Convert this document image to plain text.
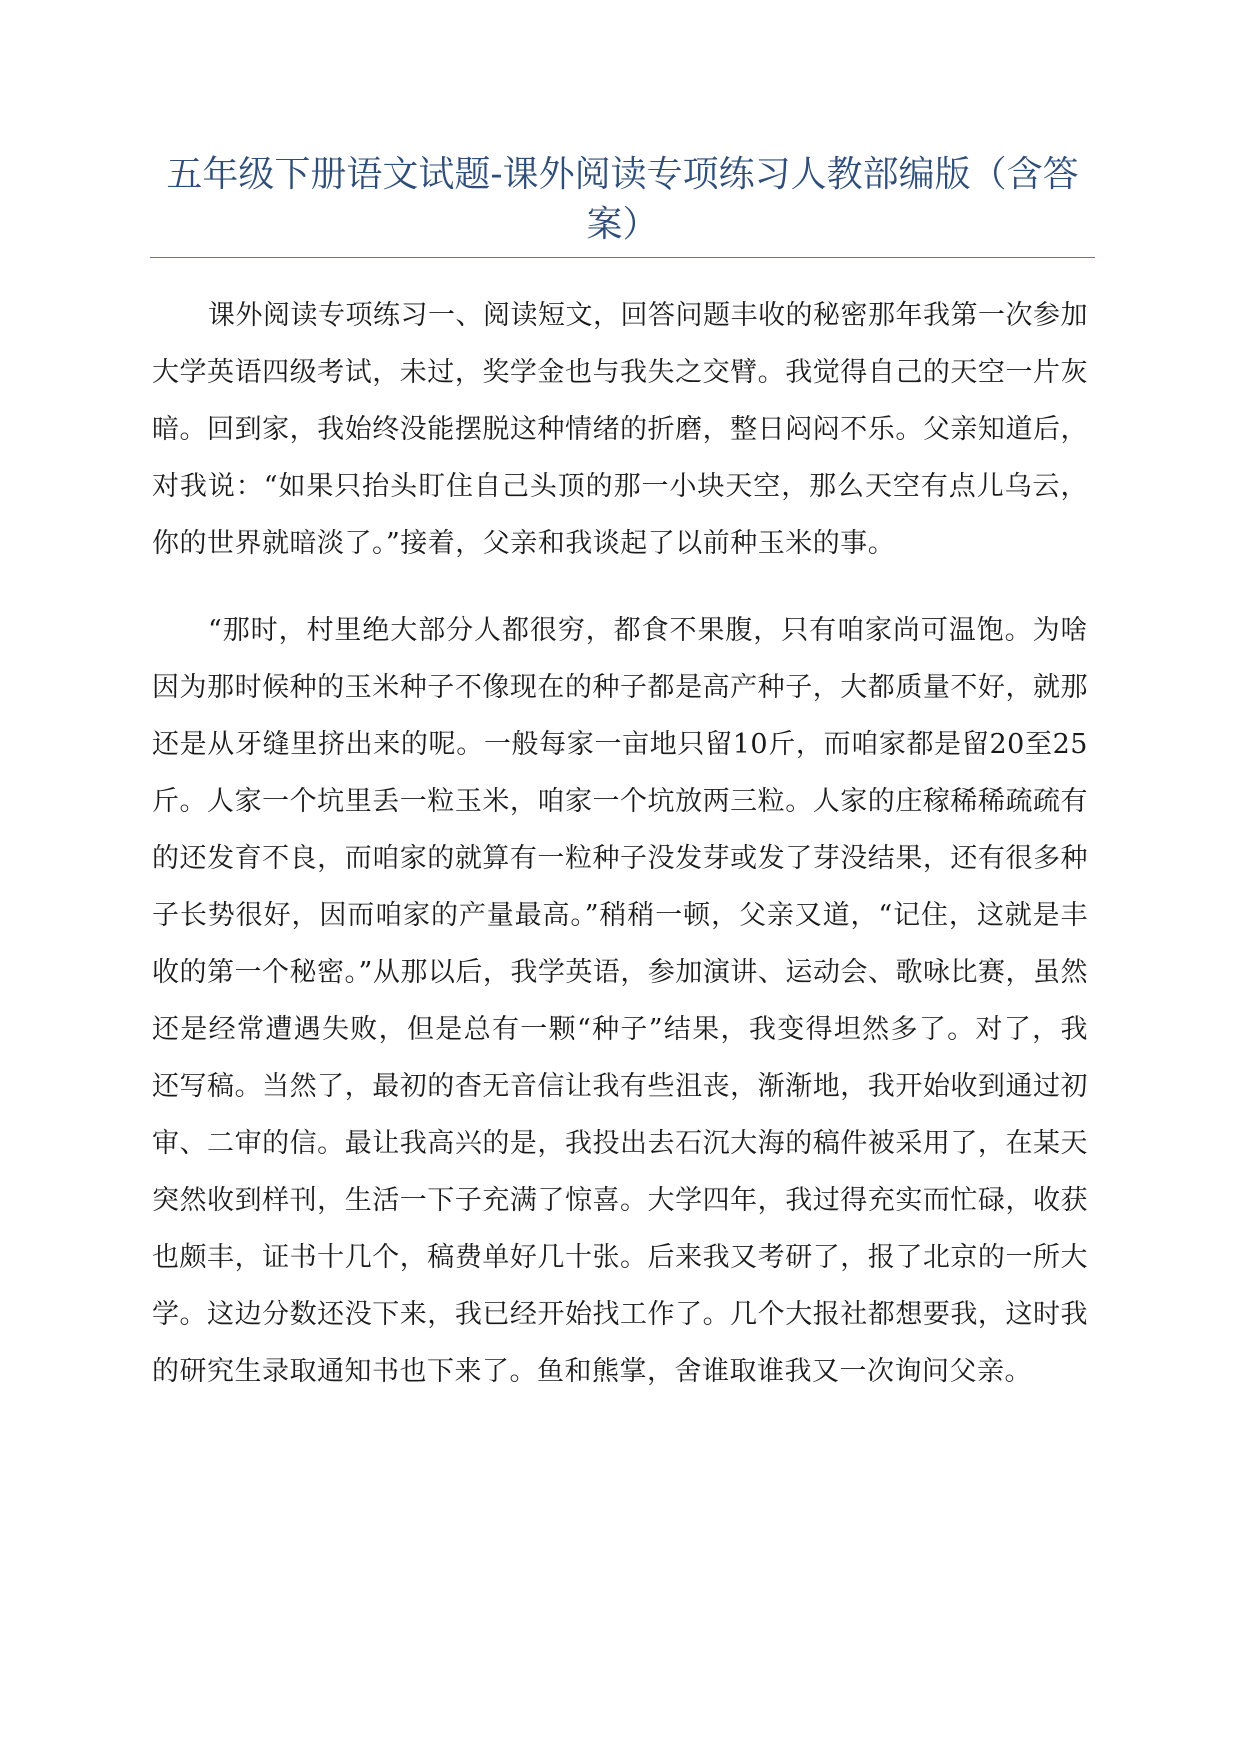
五年级下册语文试题-课外阅读专项练习人教部编版（含答案）

课外阅读专项练习一、阅读短文，回答问题丰收的秘密那年我第一次参加大学英语四级考试，未过，奖学金也与我失之交臂。我觉得自己的天空一片灰暗。回到家，我始终没能摆脱这种情绪的折磨，整日闷闷不乐。父亲知道后，对我说：“如果只抬头盯住自己头顶的那一小块天空，那么天空有点儿乌云，你的世界就暗淡了。”接着，父亲和我谈起了以前种玉米的事。

“那时，村里绝大部分人都很穷，都食不果腹，只有咱家尚可温饱。为啥因为那时候种的玉米种子不像现在的种子都是高产种子，大都质量不好，就那还是从牙缝里挤出来的呢。一般每家一亩地只留10斤，而咱家都是留20至25斤。人家一个坑里丢一粒玉米，咱家一个坑放两三粒。人家的庄稼稀稀疏疏有的还发育不良，而咱家的就算有一粒种子没发芽或发了芽没结果，还有很多种子长势很好，因而咱家的产量最高。”稍稍一顿，父亲又道，“记住，这就是丰收的第一个秘密。”从那以后，我学英语，参加演讲、运动会、歌咏比赛，虽然还是经常遭遇失败，但是总有一颗“种子”结果，我变得坦然多了。对了，我还写稿。当然了，最初的杳无音信让我有些沮丧，渐渐地，我开始收到通过初审、二审的信。最让我高兴的是，我投出去石沉大海的稿件被采用了，在某天突然收到样刊，生活一下子充满了惊喜。大学四年，我过得充实而忙碌，收获也颇丰，证书十几个，稿费单好几十张。后来我又考研了，报了北京的一所大学。这边分数还没下来，我已经开始找工作了。几个大报社都想要我，这时我的研究生录取通知书也下来了。鱼和熊掌，舍谁取谁我又一次询问父亲。
